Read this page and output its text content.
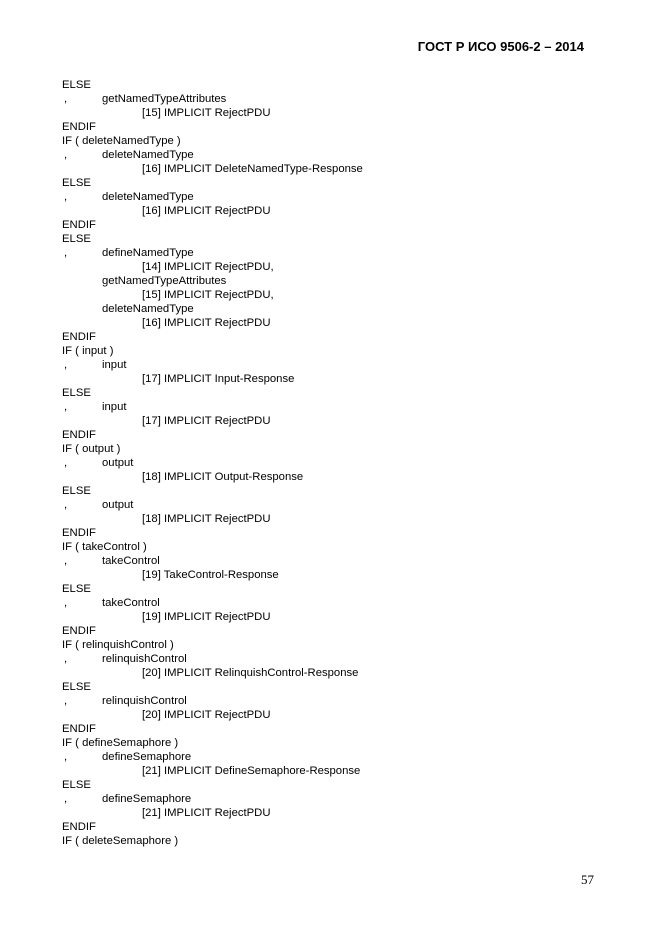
ГОСТ Р ИСО 9506-2 – 2014
ELSE
,	getNamedTypeAttributes
[15] IMPLICIT RejectPDU
ENDIF
IF ( deleteNamedType )
,	deleteNamedType
[16] IMPLICIT DeleteNamedType-Response
ELSE
,	deleteNamedType
[16] IMPLICIT RejectPDU
ENDIF
ELSE
,	defineNamedType
[14] IMPLICIT RejectPDU,
getNamedTypeAttributes
[15] IMPLICIT RejectPDU,
deleteNamedType
[16] IMPLICIT RejectPDU
ENDIF
IF ( input )
,	input
[17] IMPLICIT Input-Response
ELSE
,	input
[17] IMPLICIT RejectPDU
ENDIF
IF ( output )
,	output
[18] IMPLICIT Output-Response
ELSE
,	output
[18] IMPLICIT RejectPDU
ENDIF
IF ( takeControl )
,	takeControl
[19] TakeControl-Response
ELSE
,	takeControl
[19] IMPLICIT RejectPDU
ENDIF
IF ( relinquishControl )
,	relinquishControl
[20] IMPLICIT RelinquishControl-Response
ELSE
,	relinquishControl
[20] IMPLICIT RejectPDU
ENDIF
IF ( defineSemaphore )
,	defineSemaphore
[21] IMPLICIT DefineSemaphore-Response
ELSE
,	defineSemaphore
[21] IMPLICIT RejectPDU
ENDIF
IF ( deleteSemaphore )
57
